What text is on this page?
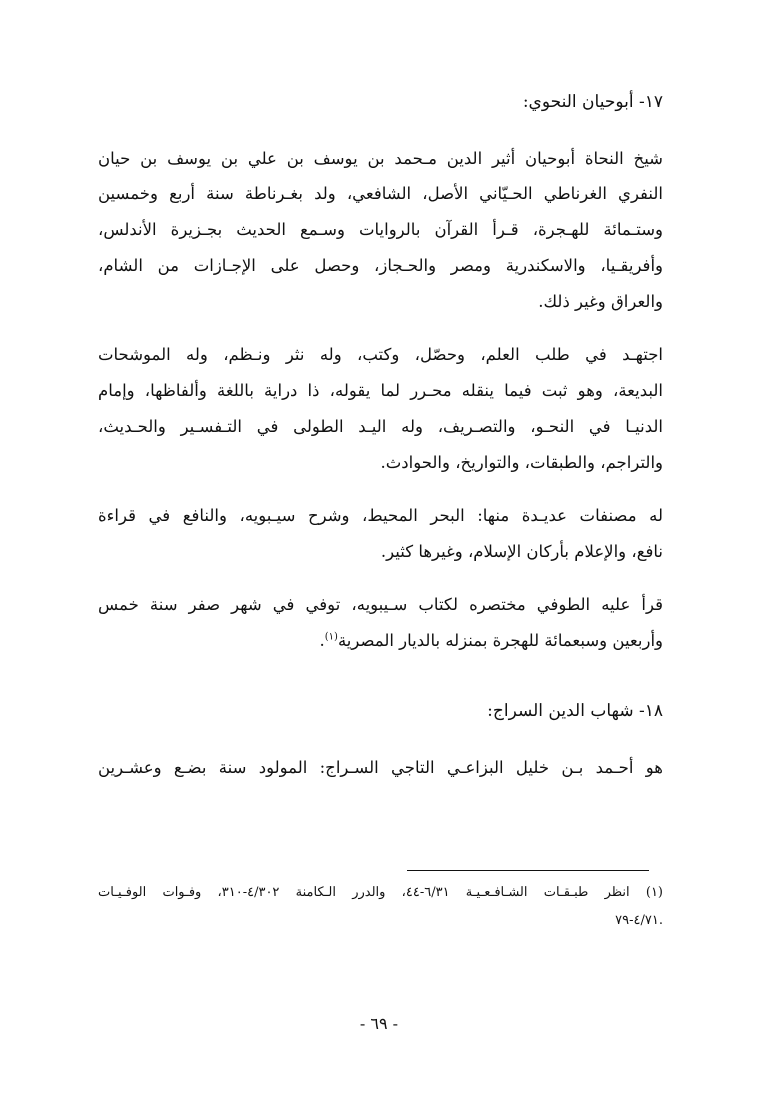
١٧- أبوحيان النحوي:
شيخ النحاة أبوحيان أثير الدين مـحمد بن يوسف بن علي بن يوسف بن حيان
النفري الغرناطي الحـيّاني الأصل، الشافعي، ولد بغـرناطة سنة أربع وخمسين
وستـمائة للهـجرة، قـرأ القرآن بالروايات وسـمع الحديث بجـزيرة الأندلس،
وأفريقـيا، والاسكندرية ومصر والحـجاز، وحصل على الإجـازات من الشام،
والعراق وغير ذلك.
اجتهـد في طلب العلم، وحصّل، وكتب، وله نثر ونـظم، وله الموشحات
البديعة، وهو ثبت فيما ينقله محـرر لما يقوله، ذا دراية باللغة وألفاظها، وإمام
الدنيـا في النحـو، والتصـريف، وله اليـد الطولى في التـفسـير والحـديث،
والتراجم، والطبقات، والتواريخ، والحوادث.
له مصنفات عديـدة منها: البحر المحيط، وشرح سيـبويه، والنافع في قراءة
نافع، والإعلام بأركان الإسلام، وغيرها كثير.
قرأ عليه الطوفي مختصره لكتاب سـيبويه، توفي في شهر صفر سنة خمس
وأربعين وسبعمائة للهجرة بمنزله بالديار المصرية$^{(١)}$.
١٨- شهاب الدين السراج:
هو أحـمد بـن خليل البزاعـي التاجي السـراج: المولود سنة بضـع وعشـرين
(١) انظر طبـقـات الشـافـعـيـة ٦/٣١-٤٤، والدرر الـكامنة ٤/٣٠٢-٣١٠، وفـوات الوفـيـات
٤/٧١-٧٩.
- ٦٩ -
